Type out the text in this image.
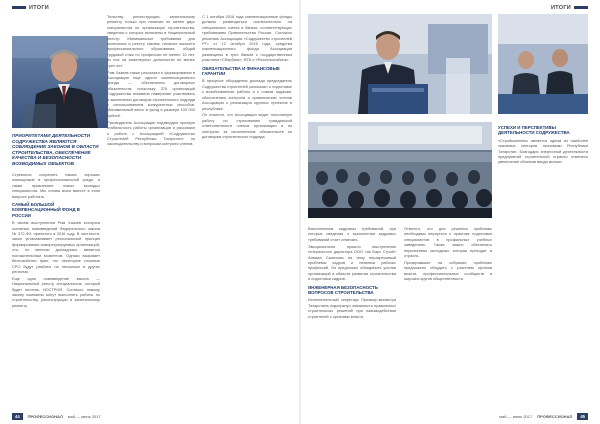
ИТОГИ	ИТОГИ
ПРИОРИТЕТАМИ ДЕЯТЕЛЬНОСТИ СОДРУЖЕСТВА ЯВЛЯЮТСЯ СОБЛЮДЕНИЕ ЗАКОНОВ В ОБЛАСТИ СТРОИТЕЛЬСТВА, ОБЕСПЕЧЕНИЕ КАЧЕСТВА И БЕЗОПАСНОСТИ ВОЗВОДИМЫХ ОБЪЕКТОВ

Стремятся сохранить наших хороших помощников в профессиональной среде, а также привлекают новых молодых специалистов. Мы готовы всем вместе в этом вопросе работать.

САМЫЙ БОЛЬШОЙ КОМПЕНСАЦИОННЫЙ ФОНД В РОССИИ

В своем выступлении Рим Хазиев коснулся основных нововведений Федерального закона № 372-ФЗ, принятого в 2016 году. В частности, закон устанавливает региональный принцип формирования саморегулируемых организаций, что, по мнению докладчика, является положительным моментом. Однако вызывает беспокойство факт, что некоторые сложные СРО будут разбиты на несколько в других регионах.

Еще одно нововведение закона — Национальный реестр специалистов, который будет вестись НОСТРОЙ. Согласно новому закону компании могут выполнять работы по строительству, реконструкции и капитальному ремонту.

Тельству, реконструкции, капитальному ремонту только при наличии не менее двух специалистов по организации строительства, сведения о которых включены в Национальный реестр. Минимальные требования для включения в реестр таковы: наличие высшего профессионального образования, общий трудовой стаж по профессии не менее 10 лет, из них на инженерных должностях не менее трех лет.

Рим Хазиев также рассказал о формировании в Ассоциации еще одного компенсационного фонда — обеспечения договорных обязательств, поскольку 376 организаций Содружества изъявили намерение участвовать в заключении договоров строительного подряда с использованием конкурентных способов. Минимальный взнос в фонд в размере 100 000 рублей.

Руководитель Ассоциации подтвердил прочную стабильность работы организации и рассказал о работе с Ассоциацией «Содружество Строителей Республики Татарстан» по законодательству и вопросам контроля членов.

С 1 октября 2016 года компенсационные фонды должны размещаться исключительно на специальных счетах в банках, соответствующих требованиям Правительства России. Согласно решению Ассоциации «Содружество строителей РТ» от 12 октября 2016 года, средства компенсационного фонда Ассоциации размещены в трех банках с государственным участием «Сбербанк», ВТБ и «Россельхозбанк».

ОБЯЗАТЕЛЬСТВА И ФИНАНСОВЫЕ ГАРАНТИИ

В процессе обсуждения доклада председатель Содружества строителей рассказал о подготовке к возобновлению работы и к новым задачам, обеспечению контроля и привлечению членов Ассоциации к реализации крупных проектов в республике.

Он отметил, что Ассоциация ведет постоянную работу по страхованию гражданской ответственности членов организации и по контролю за исполнением обязательств по договорам строительного подряда.

Выполнением кадровых требований, при которых сведения о выполнении кадровых требований стоит отмечать.

Эмоционально прошло выступление генерального директора ООО «Ак Барс Строй» Алмаза Салихова на тему неразрешимой проблемы кадров и нехватки рабочих профессий. Он предложил объединить усилия организаций в области развития строительства и подготовки кадров.

ИНЖЕНЕРНАЯ БЕЗОПАСНОСТЬ ВОПРОСОВ СТРОИТЕЛЬСТВА

Исполнительный секретарь Премьер-министра Татарстана подчеркнул значимость правильных строительных решений при взаимодействии строителей с органами власти.

Отметил, что для решения проблемы необходимо вернуться к практике подготовки специалистов в профильных учебных заведениях. Также важно обеспечить перспективы молодежи, которая приходит в отрасль.

Прозвучавшие на собрании проблемы предложено обсудить с участием органов власти, профессиональных сообществ и широких кругов общественности.

УСПЕХИ И ПЕРСПЕКТИВЫ ДЕЯТЕЛЬНОСТИ СОДРУЖЕСТВА

«Стройкомплекс является одним из наиболее значимых секторов экономики Республики Татарстан. Благодаря энергичной деятельности предприятий строительной отрасли отмечено увеличение объемов ввода жилья».

44	ПРОФЕССИОНАЛ май — июнь 2017	45
ПРОФЕССИОНАЛ
май — июнь 2017
